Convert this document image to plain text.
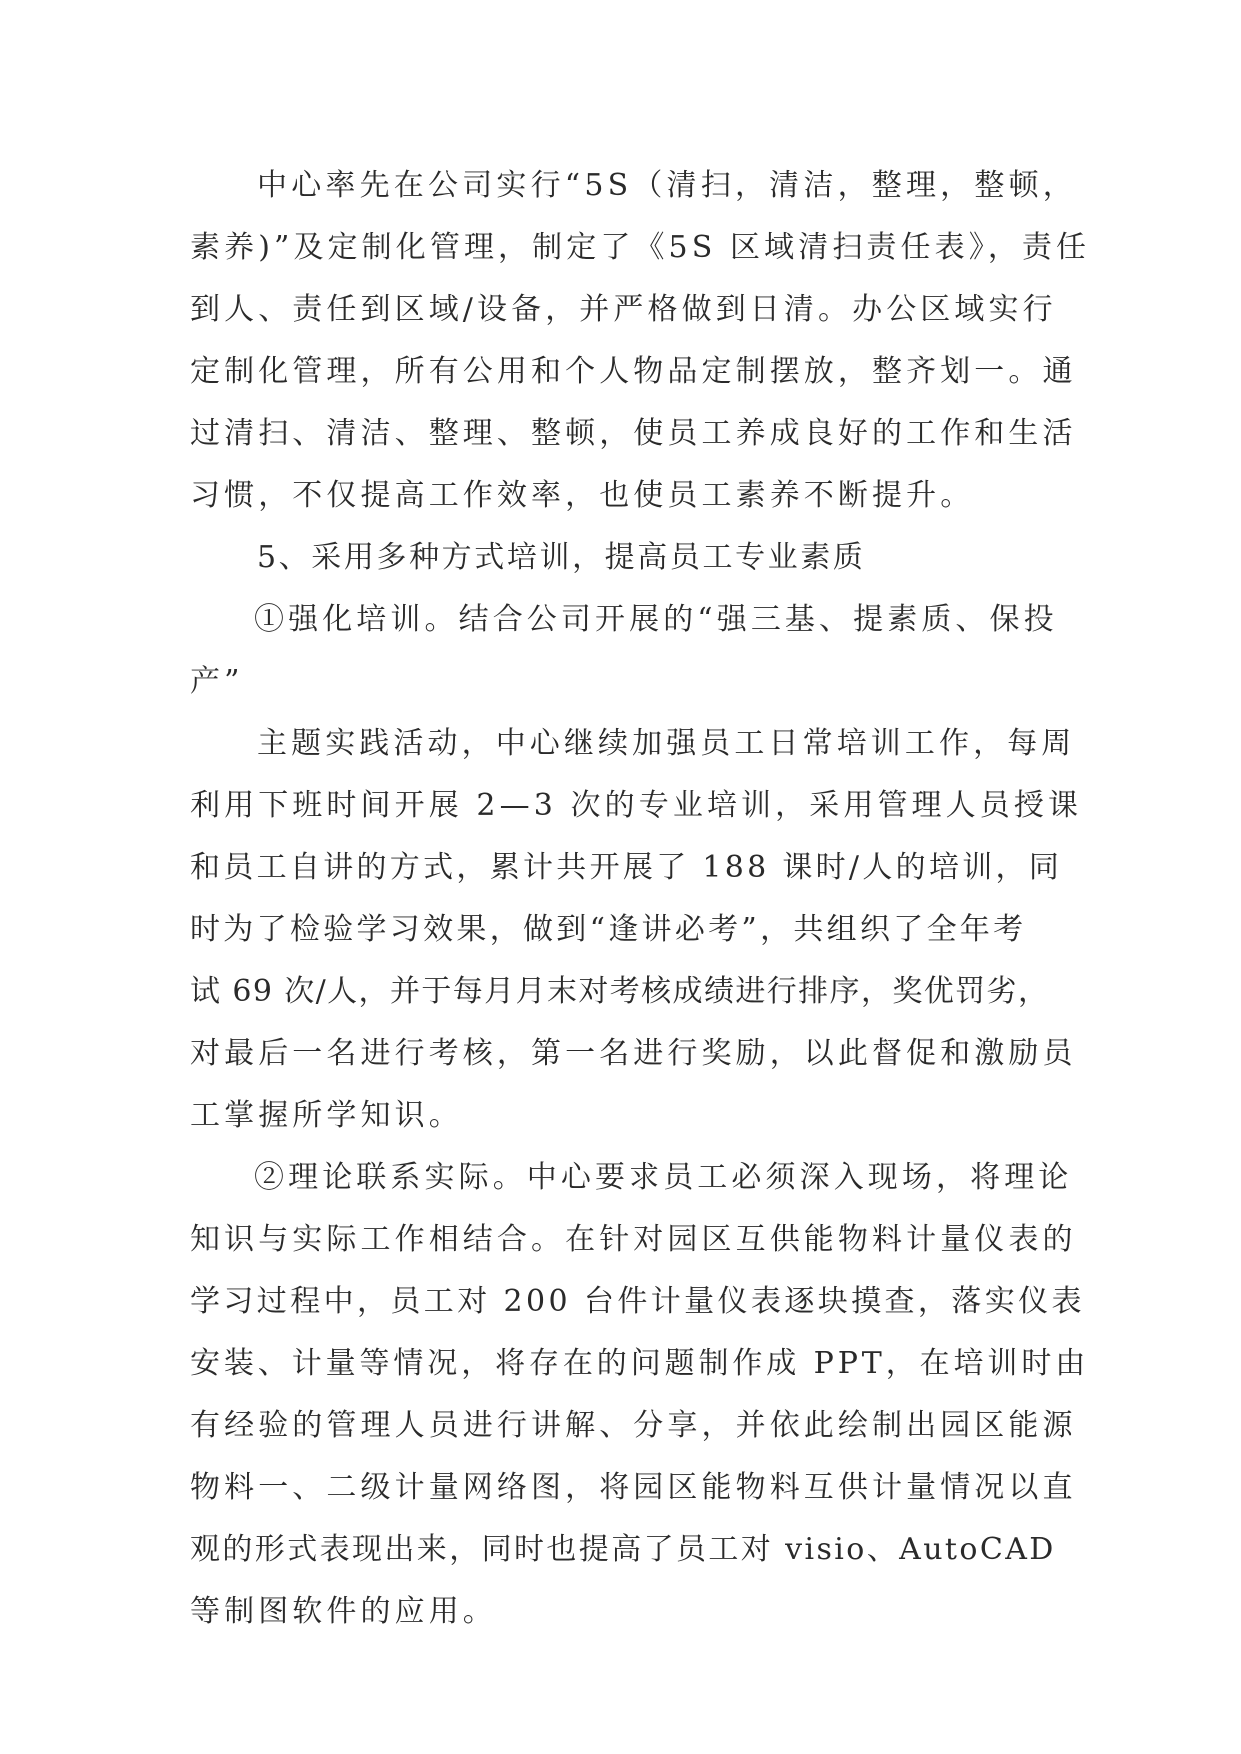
中心率先在公司实行“5S（清扫，清洁，整理，整顿，

素养)”及定制化管理，制定了《5S 区域清扫责任表》，责任

到人、责任到区域/设备，并严格做到日清。办公区域实行

定制化管理，所有公用和个人物品定制摆放，整齐划一。通

过清扫、清洁、整理、整顿，使员工养成良好的工作和生活

习惯，不仅提高工作效率，也使员工素养不断提升。

5、采用多种方式培训，提高员工专业素质

①强化培训。结合公司开展的“强三基、提素质、保投

产”

主题实践活动，中心继续加强员工日常培训工作，每周

利用下班时间开展 2—3 次的专业培训，采用管理人员授课

和员工自讲的方式，累计共开展了 188 课时/人的培训，同

时为了检验学习效果，做到“逢讲必考”，共组织了全年考

试 69 次/人，并于每月月末对考核成绩进行排序，奖优罚劣，

对最后一名进行考核，第一名进行奖励，以此督促和激励员

工掌握所学知识。

②理论联系实际。中心要求员工必须深入现场，将理论

知识与实际工作相结合。在针对园区互供能物料计量仪表的

学习过程中，员工对 200 台件计量仪表逐块摸查，落实仪表

安装、计量等情况，将存在的问题制作成 PPT，在培训时由

有经验的管理人员进行讲解、分享，并依此绘制出园区能源

物料一、二级计量网络图，将园区能物料互供计量情况以直

观的形式表现出来，同时也提高了员工对 visio、AutoCAD

等制图软件的应用。
